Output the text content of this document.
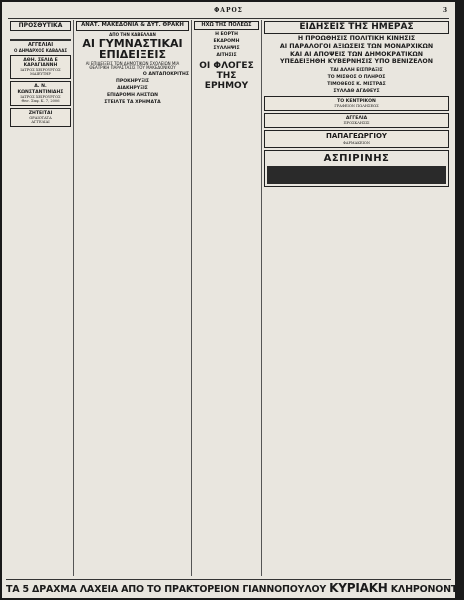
ΦΑΡΟΣ	3
ΠΡΟΣΘΥΤΙΚΑ

ΑΓΓΕΛΙΑΙ
Ο ΔΗΜΑΡΧΟΣ ΚΑΒΑΛΑΣ
ΑΘΗ. ΣΕΛΙΑ Ε ΚΑΡΑΓΙΑΝΝΗ
ΙΑΤΡΟΣ ΧΕΙΡΟΥΡΓΟΣ
ΜΑΙΕΥΤΗΡ
Α. Ν. ΚΩΝΣΤΑΝΤΙΝΙΔΗΣ
ΙΑΤΡΟΣ ΧΕΙΡΟΥΡΓΟΣ
Θεσ. Σαφ. Κ. 7, 2006
ΖΗΤΕΙΤΑΙ
ΩΡΑΙΟΤΑΤΑ
ΑΓΓΕΛΙΑΙ
ΑΝΑΤ. ΜΑΚΕΔΟΝΙΑ & ΔΥΤ. ΘΡΑΚΗ
ΑΠΟ ΤΗΝ ΚΑΒΕΛΛΑΝ
ΑΙ ΓΥΜΝΑΣΤΙΚΑΙ ΕΠΙΔΕΙΞΕΙΣ
ΑΙ ΕΠΙΔΕΙΞΕΙΣ ΤΩΝ ΔΗΜΟΤΙΚΩΝ ΣΧΟΛΕΙΩΝ ΜΙΑ ΘΕΑΤΡΙΚΗ ΠΑΡΑΣΤΑΣΙΣ ΤΟΥ ΜΑΚΕΔΟΝΙΚΟΥ
Ο ΑΝΤΑΠΟΚΡΙΤΗΣ
ΠΡΟΚΗΡΥΞΙΣ
ΔΙΑΚΗΡΥΞΙΣ
ΕΠΙΔΡΟΜΗ ΛΗΣΤΩΝ
ΣΤΕΙΛΤΕ ΤΑ ΧΡΗΜΑΤΑ
ΗΧΩ ΤΗΣ ΠΟΛΕΩΣ
Η ΕΟΡΤΗ
ΕΚΔΡΟΜΗ
ΣΥΛΛΗΨΙΣ
ΑΙΤΗΣΙΣ
ΟΙ ΦΛΟΓΕΣ ΤΗΣ ΕΡΗΜΟΥ
ΕΙΔΗΣΕΙΣ ΤΗΣ ΗΜΕΡΑΣ
Η ΠΡΟΩΘΗΣΙΣ ΠΟΛΙΤΙΚΗ ΚΙΝΗΣΙΣ
ΑΙ ΠΑΡΑΛΟΓΟΙ ΑΞΙΩΣΕΙΣ ΤΩΝ ΜΟΝΑΡΧΙΚΩΝ
ΚΑΙ ΑΙ ΑΠΟΨΕΙΣ ΤΩΝ ΔΗΜΟΚΡΑΤΙΚΩΝ
ΥΠΕΔΕΙΞΗΘΗ ΚΥΒΕΡΝΗΣΙΣ ΥΠΟ ΒΕΝΙΖΕΛΟΝ
ΤΑΙ ΑΛΛΗ ΕΙΣΠΡΑΞΙΣ
ΤΟ ΜΙΣΘΟΣ Ο ΠΛΗΡΟΣ
ΤΙΜΟΘΕΟΣ Κ. ΜΙΣΤΡΑΣ
ΣΥΛΛΑΘ ΑΓΑΘΕΥΣ
ΤΟ ΚΕΝΤΡΙΚΟΝ
ΓΡΑΦΕΙΟΝ ΠΩΛΗΣΕΩΣ
ΑΓΓΕΛΙΑ
ΠΡΟΣΚΛΗΣΙΣ
ΠΑΠΑΓΕΩΡΓΙΟΥ
ΦΑΡΜΑΚΕΙΟΝ
ΑΣΠΙΡΙΝΗΣ
ΤΑ 5 ΔΡΑΧΜΑ ΛΑΧΕΙΑ ΑΠΟ ΤΟ ΠΡΑΚΤΟΡΕΙΟΝ ΓΙΑΝΝΟΠΟΥΛΟΥ ΚΥΡΙΑΚΗ ΚΛΗΡΟΝΟΝΤΑ
